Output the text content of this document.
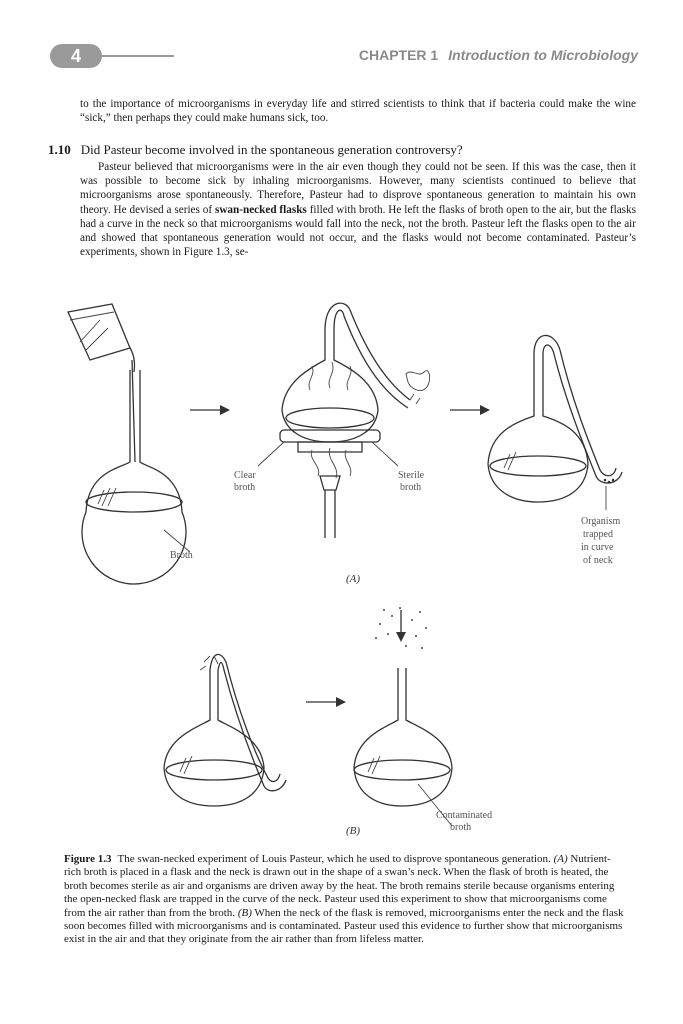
4	CHAPTER 1 Introduction to Microbiology
to the importance of microorganisms in everyday life and stirred scientists to think that if bacteria could make the wine “sick,” then perhaps they could make humans sick, too.
1.10 Did Pasteur become involved in the spontaneous generation controversy?
Pasteur believed that microorganisms were in the air even though they could not be seen. If this was the case, then it was possible to become sick by inhaling microorganisms. However, many scientists continued to believe that microorganisms arose spontaneously. Therefore, Pasteur had to disprove spontaneous generation to maintain his own theory. He devised a series of swan-necked flasks filled with broth. He left the flasks of broth open to the air, but the flasks had a curve in the neck so that microorganisms would fall into the neck, not the broth. Pasteur left the flasks open to the air and showed that spontaneous generation would not occur, and the flasks would not become contaminated. Pasteur’s experiments, shown in Figure 1.3, se-
Broth
Clear
broth
Sterile
broth
Organism
trapped
in curve
of neck
(A)
Contaminated
broth
(B)
Figure 1.3 The swan-necked experiment of Louis Pasteur, which he used to disprove spontaneous generation. (A) Nutrient-rich broth is placed in a flask and the neck is drawn out in the shape of a swan’s neck. When the flask of broth is heated, the broth becomes sterile as air and organisms are driven away by the heat. The broth remains sterile because organisms entering the open-necked flask are trapped in the curve of the neck. Pasteur used this experiment to show that microorganisms come from the air rather than from the broth. (B) When the neck of the flask is removed, microorganisms enter the neck and the flask soon becomes filled with microorganisms and is contaminated. Pasteur used this evidence to further show that microorganisms exist in the air and that they originate from the air rather than from lifeless matter.
